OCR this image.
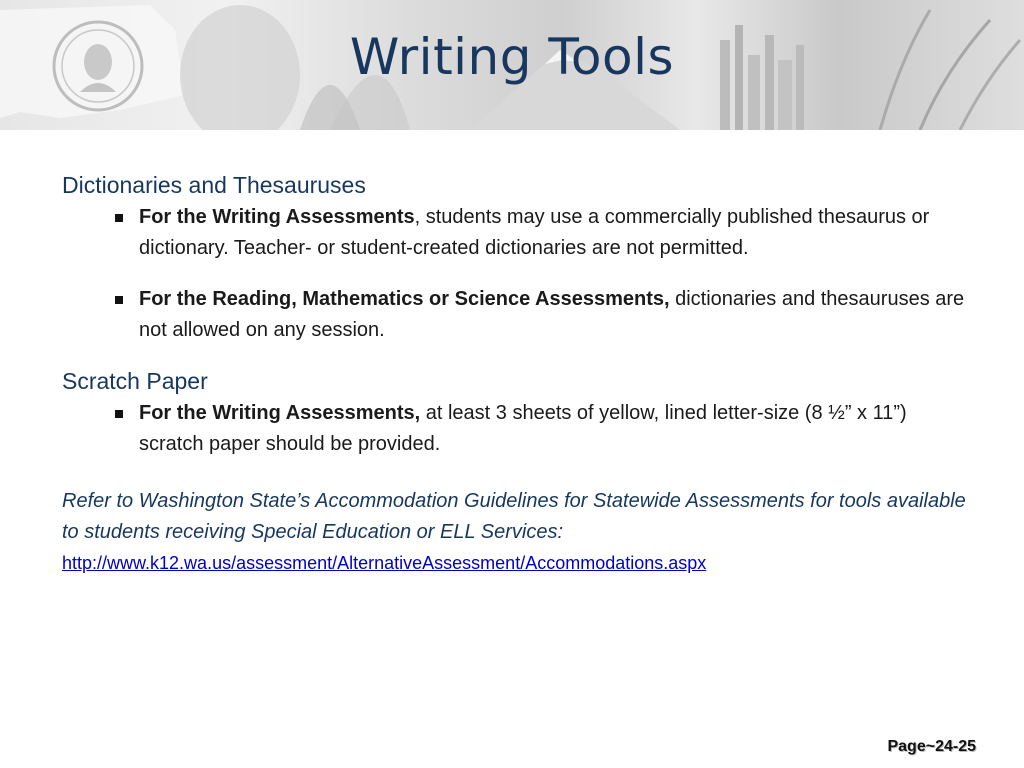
Writing Tools

Dictionaries and Thesauruses

For the Writing Assessments, students may use a commercially published thesaurus or dictionary. Teacher- or student-created dictionaries are not permitted.
For the Reading, Mathematics or Science Assessments, dictionaries and thesauruses are not allowed on any session.

Scratch Paper

For the Writing Assessments, at least 3 sheets of yellow, lined letter-size (8 ½” x 11”) scratch paper should be provided.
Refer to Washington State’s Accommodation Guidelines for Statewide Assessments for tools available to students receiving Special Education or ELL Services:
http://www.k12.wa.us/assessment/AlternativeAssessment/Accommodations.aspx
Page~24-25
